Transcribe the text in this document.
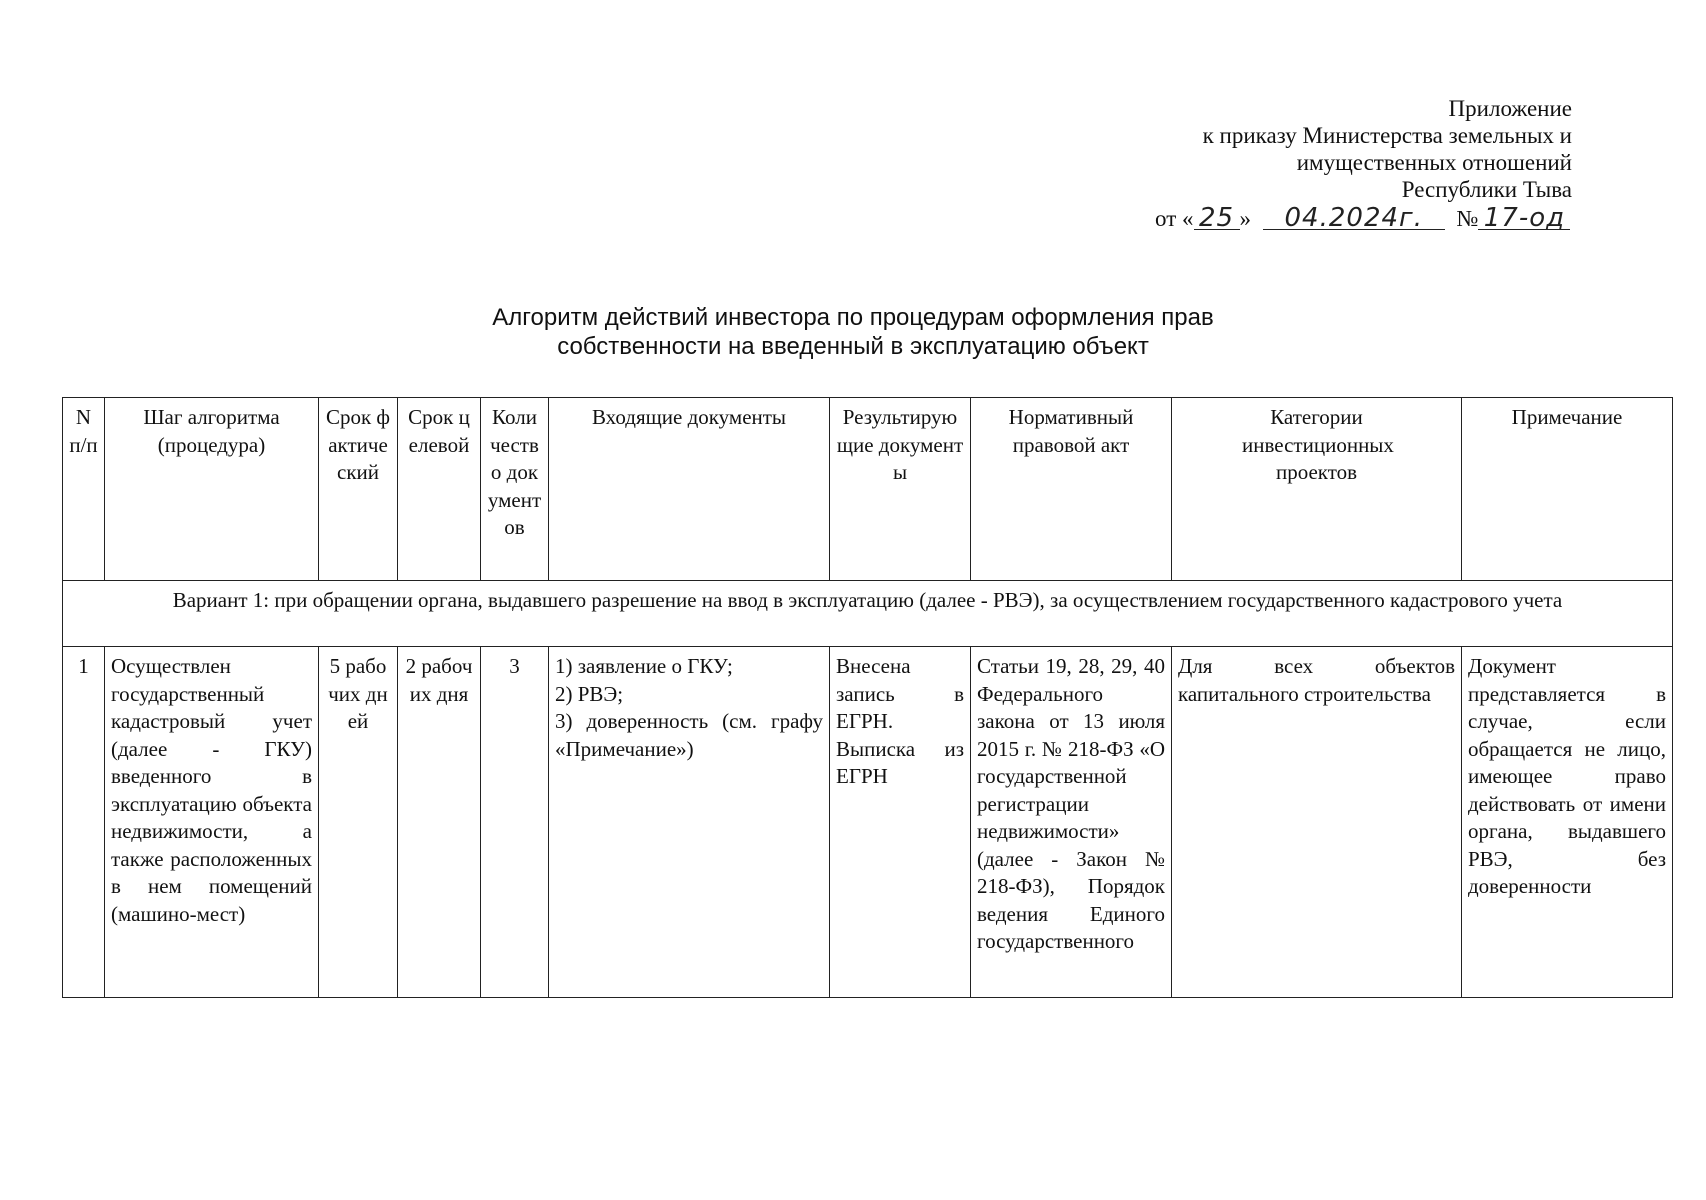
Приложение
к приказу Министерства земельных и
имущественных отношений
Республики Тыва
от « 25 » 04.2024г. № 17-од
Алгоритм действий инвестора по процедурам оформления прав
собственности на введенный в эксплуатацию объект
N п/п	Шаг алгоритма (процедура)	Срок фактический	Срок целевой	Количество документов	Входящие документы	Результирующие документы	Нормативный правовой акт	Категории инвестиционных проектов	Примечание
Вариант 1: при обращении органа, выдавшего разрешение на ввод в эксплуатацию (далее - РВЭ), за осуществлением государственного кадастрового учета									
1	Осуществлен государственный кадастровый учет (далее - ГКУ) введенного в эксплуатацию объекта недвижимости, а также расположенных в нем помещений (машино-мест)	5 рабочих дней	2 рабочих дня	3	1) заявление о ГКУ;
2) РВЭ;
3) доверенность (см. графу «Примечание»)	Внесена запись в ЕГРН. Выписка из ЕГРН	Статьи 19, 28, 29, 40 Федерального закона от 13 июля 2015 г. № 218-ФЗ «О государственной регистрации недвижимости» (далее - Закон № 218-ФЗ), Порядок ведения Единого государственного	Для всех объектов капитального строительства	Документ представляется в случае, если обращается не лицо, имеющее право действовать от имени органа, выдавшего РВЭ, без доверенности
